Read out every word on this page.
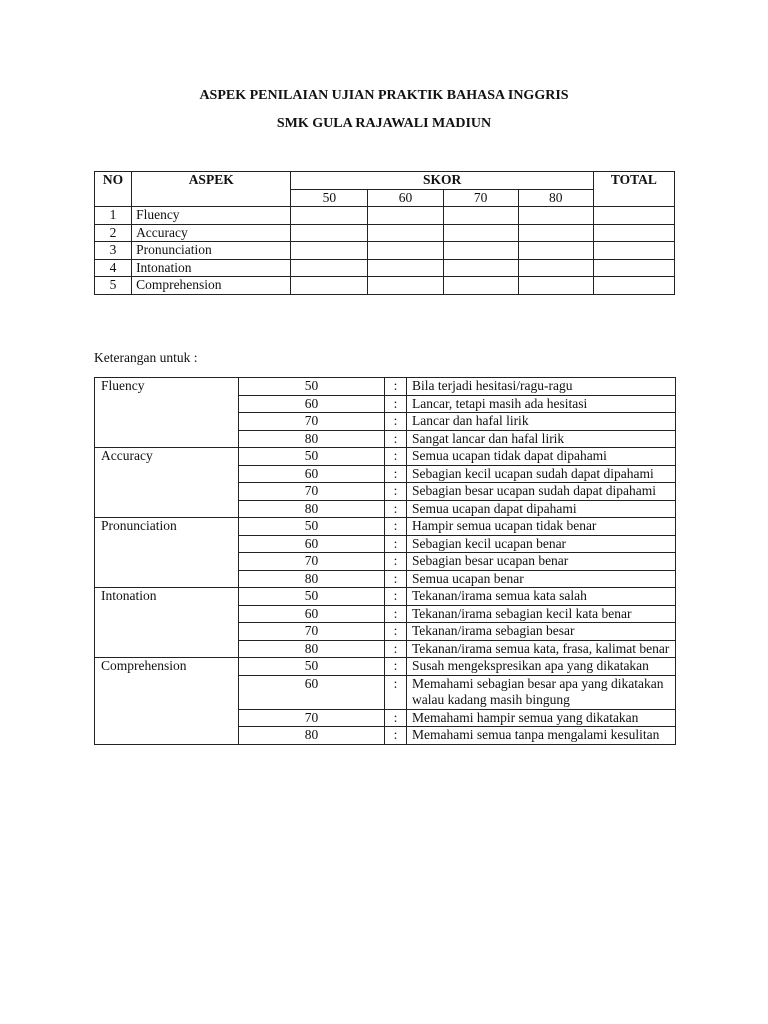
ASPEK PENILAIAN UJIAN PRAKTIK BAHASA INGGRIS
SMK GULA RAJAWALI MADIUN
NO	ASPEK	SKOR				TOTAL
		50	60	70	80	
1	Fluency					
2	Accuracy					
3	Pronunciation					
4	Intonation					
5	Comprehension					
Keterangan untuk :
Fluency	50	:	Bila terjadi hesitasi/ragu-ragu
	60	:	Lancar, tetapi masih ada hesitasi
	70	:	Lancar dan hafal lirik
	80	:	Sangat lancar dan hafal lirik
Accuracy	50	:	Semua ucapan tidak dapat dipahami
	60	:	Sebagian kecil ucapan sudah dapat dipahami
	70	:	Sebagian besar ucapan sudah dapat dipahami
	80	:	Semua ucapan dapat dipahami
Pronunciation	50	:	Hampir semua ucapan tidak benar
	60	:	Sebagian kecil ucapan benar
	70	:	Sebagian besar ucapan benar
	80	:	Semua ucapan benar
Intonation	50	:	Tekanan/irama semua kata salah
	60	:	Tekanan/irama sebagian kecil kata benar
	70	:	Tekanan/irama sebagian besar
	80	:	Tekanan/irama semua kata, frasa, kalimat benar
Comprehension	50	:	Susah mengekspresikan apa yang dikatakan
	60	:	Memahami sebagian besar apa yang dikatakan walau kadang masih bingung
	70	:	Memahami hampir semua yang dikatakan
	80	:	Memahami semua tanpa mengalami kesulitan
